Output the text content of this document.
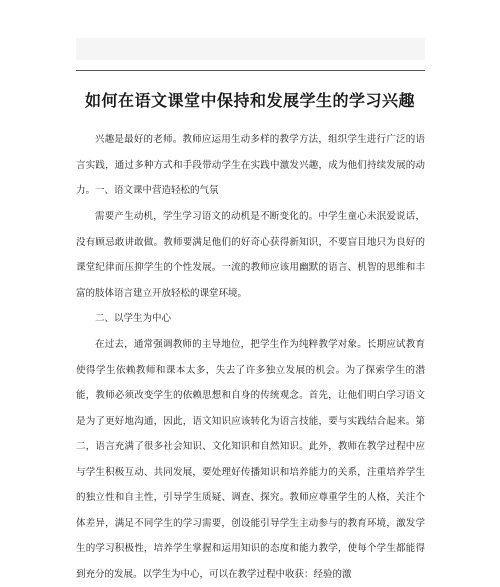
如何在语文课堂中保持和发展学生的学习兴趣

兴趣是最好的老师。教师应运用生动多样的教学方法，组织学生进行广泛的语言实践，通过多种方式和手段带动学生在实践中激发兴趣，成为他们持续发展的动力。 一、语文课中营造轻松的气氛

需要产生动机，学生学习语文的动机是不断变化的。中学生童心未泯爱说话，没有顾忌敢讲敢做。教师要满足他们的好奇心获得新知识，不要盲目地只为良好的课堂纪律而压抑学生的个性发展。一流的教师应该用幽默的语言、机智的思维和丰富的肢体语言建立开放轻松的课堂环境。

二、以学生为中心

在过去，通常强调教师的主导地位，把学生作为纯粹教学对象。长期应试教育使得学生依赖教师和课本太多，失去了许多独立发展的机会。为了探索学生的潜能，教师必须改变学生的依赖思想和自身的传统观念。首先，让他们明白学习语文是为了更好地沟通，因此，语文知识应该转化为语言技能，要与实践结合起来。第二，语言充满了很多社会知识、文化知识和自然知识。此外，教师在教学过程中应与学生积极互动、共同发展，要处理好传播知识和培养能力的关系，注重培养学生的独立性和自主性，引导学生质疑、调查、探究。教师应尊重学生的人格，关注个体差异，满足不同学生的学习需要，创设能引导学生主动参与的教育环境，激发学生的学习积极性，培养学生掌握和运用知识的态度和能力教学，使每个学生都能得到充分的发展。以学生为中心，可以在教学过程中收获：经验的激
